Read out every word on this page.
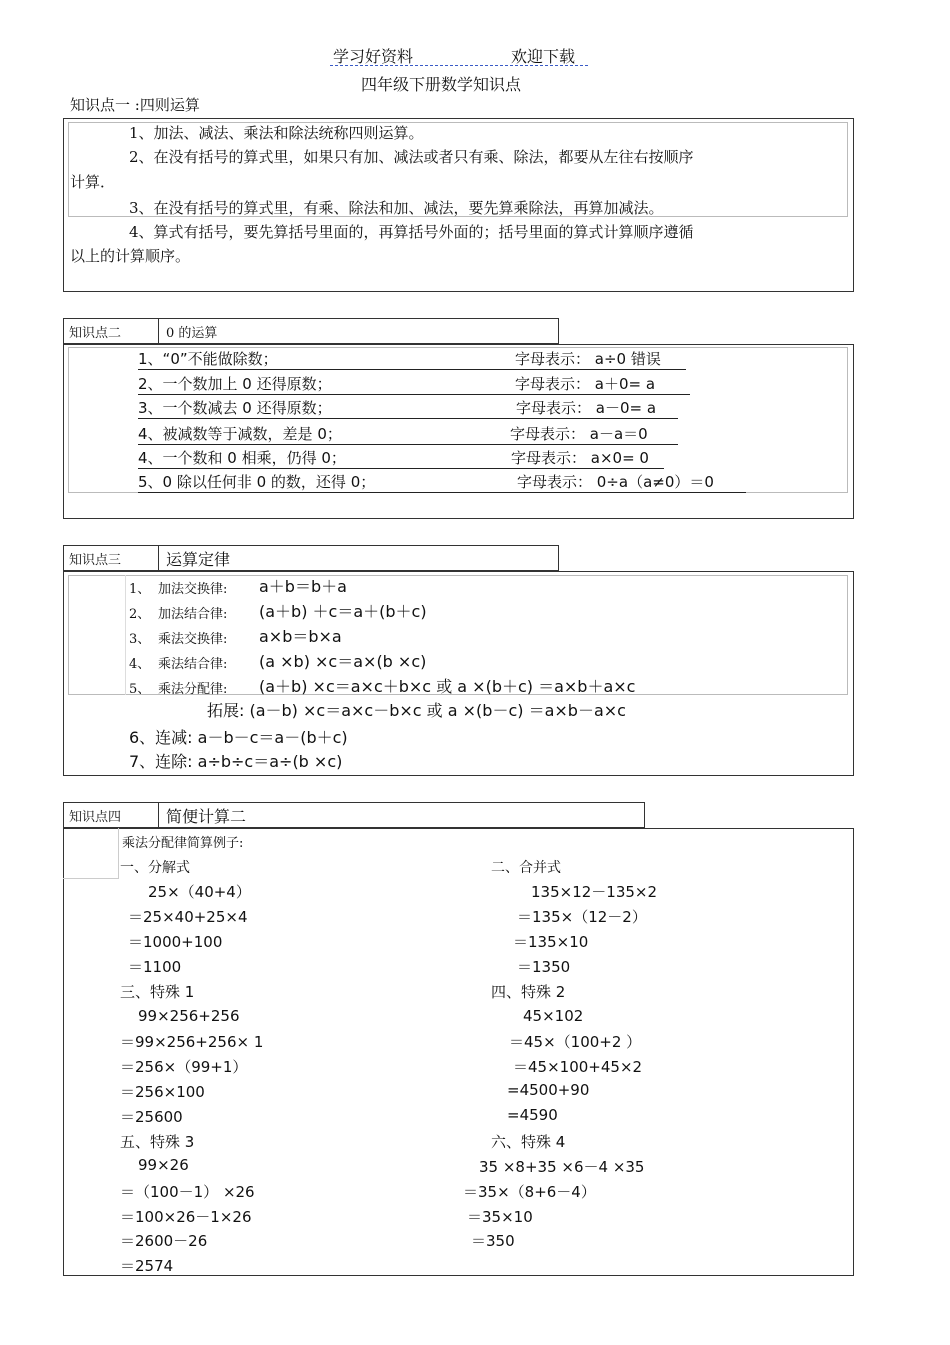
学习好资料	欢迎下载
四年级下册数学知识点
知识点一 :四则运算
1、加法、减法、乘法和除法统称四则运算。
2、在没有括号的算式里，如果只有加、减法或者只有乘、除法，都要从左往右按顺序
计算．
3、在没有括号的算式里，有乘、除法和加、减法，要先算乘除法，再算加减法。
4、算式有括号，要先算括号里面的，再算括号外面的；括号里面的算式计算顺序遵循
以上的计算顺序。
知识点二	0 的运算
1、“0”不能做除数；	字母表示： a÷0 错误
2、一个数加上 0 还得原数；	字母表示： a＋0= a
3、一个数减去 0 还得原数；	字母表示： a－0= a
4、被减数等于减数，差是 0；	字母表示： a－a＝0
4、一个数和 0 相乘，仍得 0；	字母表示： a×0= 0
5、0 除以任何非 0 的数，还得 0；	字母表示： 0÷a（a≠0）＝0
知识点三	运算定律
1、 加法交换律: a＋b＝b＋a
2、 加法结合律: (a＋b) ＋c＝a＋(b＋c)
3、 乘法交换律: a×b＝b×a
4、 乘法结合律: (a ×b) ×c＝a×(b ×c)
5、 乘法分配律: (a＋b) ×c＝a×c＋b×c 或 a ×(b＋c) ＝a×b＋a×c
拓展: (a－b) ×c＝a×c－b×c 或 a ×(b－c) ＝a×b－a×c
6、连减: a－b－c＝a－(b＋c)
7、连除: a÷b÷c＝a÷(b ×c)
知识点四	简便计算二
乘法分配律简算例子:
一、分解式
25×（40+4）
＝25×40+25×4
＝1000+100
＝1100
三、特殊 1
99×256+256
＝99×256+256× 1
＝256×（99+1）
＝256×100
＝25600
五、特殊 3
99×26
＝（100－1） ×26
＝100×26－1×26
＝2600－26
＝2574
二、合并式
135×12－135×2
＝135×（12－2）
＝135×10
＝1350
四、特殊 2
45×102
＝45×（100+2 ）
＝45×100+45×2
=4500+90
=4590
六、特殊 4
35 ×8+35 ×6－4 ×35
＝35×（8+6－4）
＝35×10
＝350
